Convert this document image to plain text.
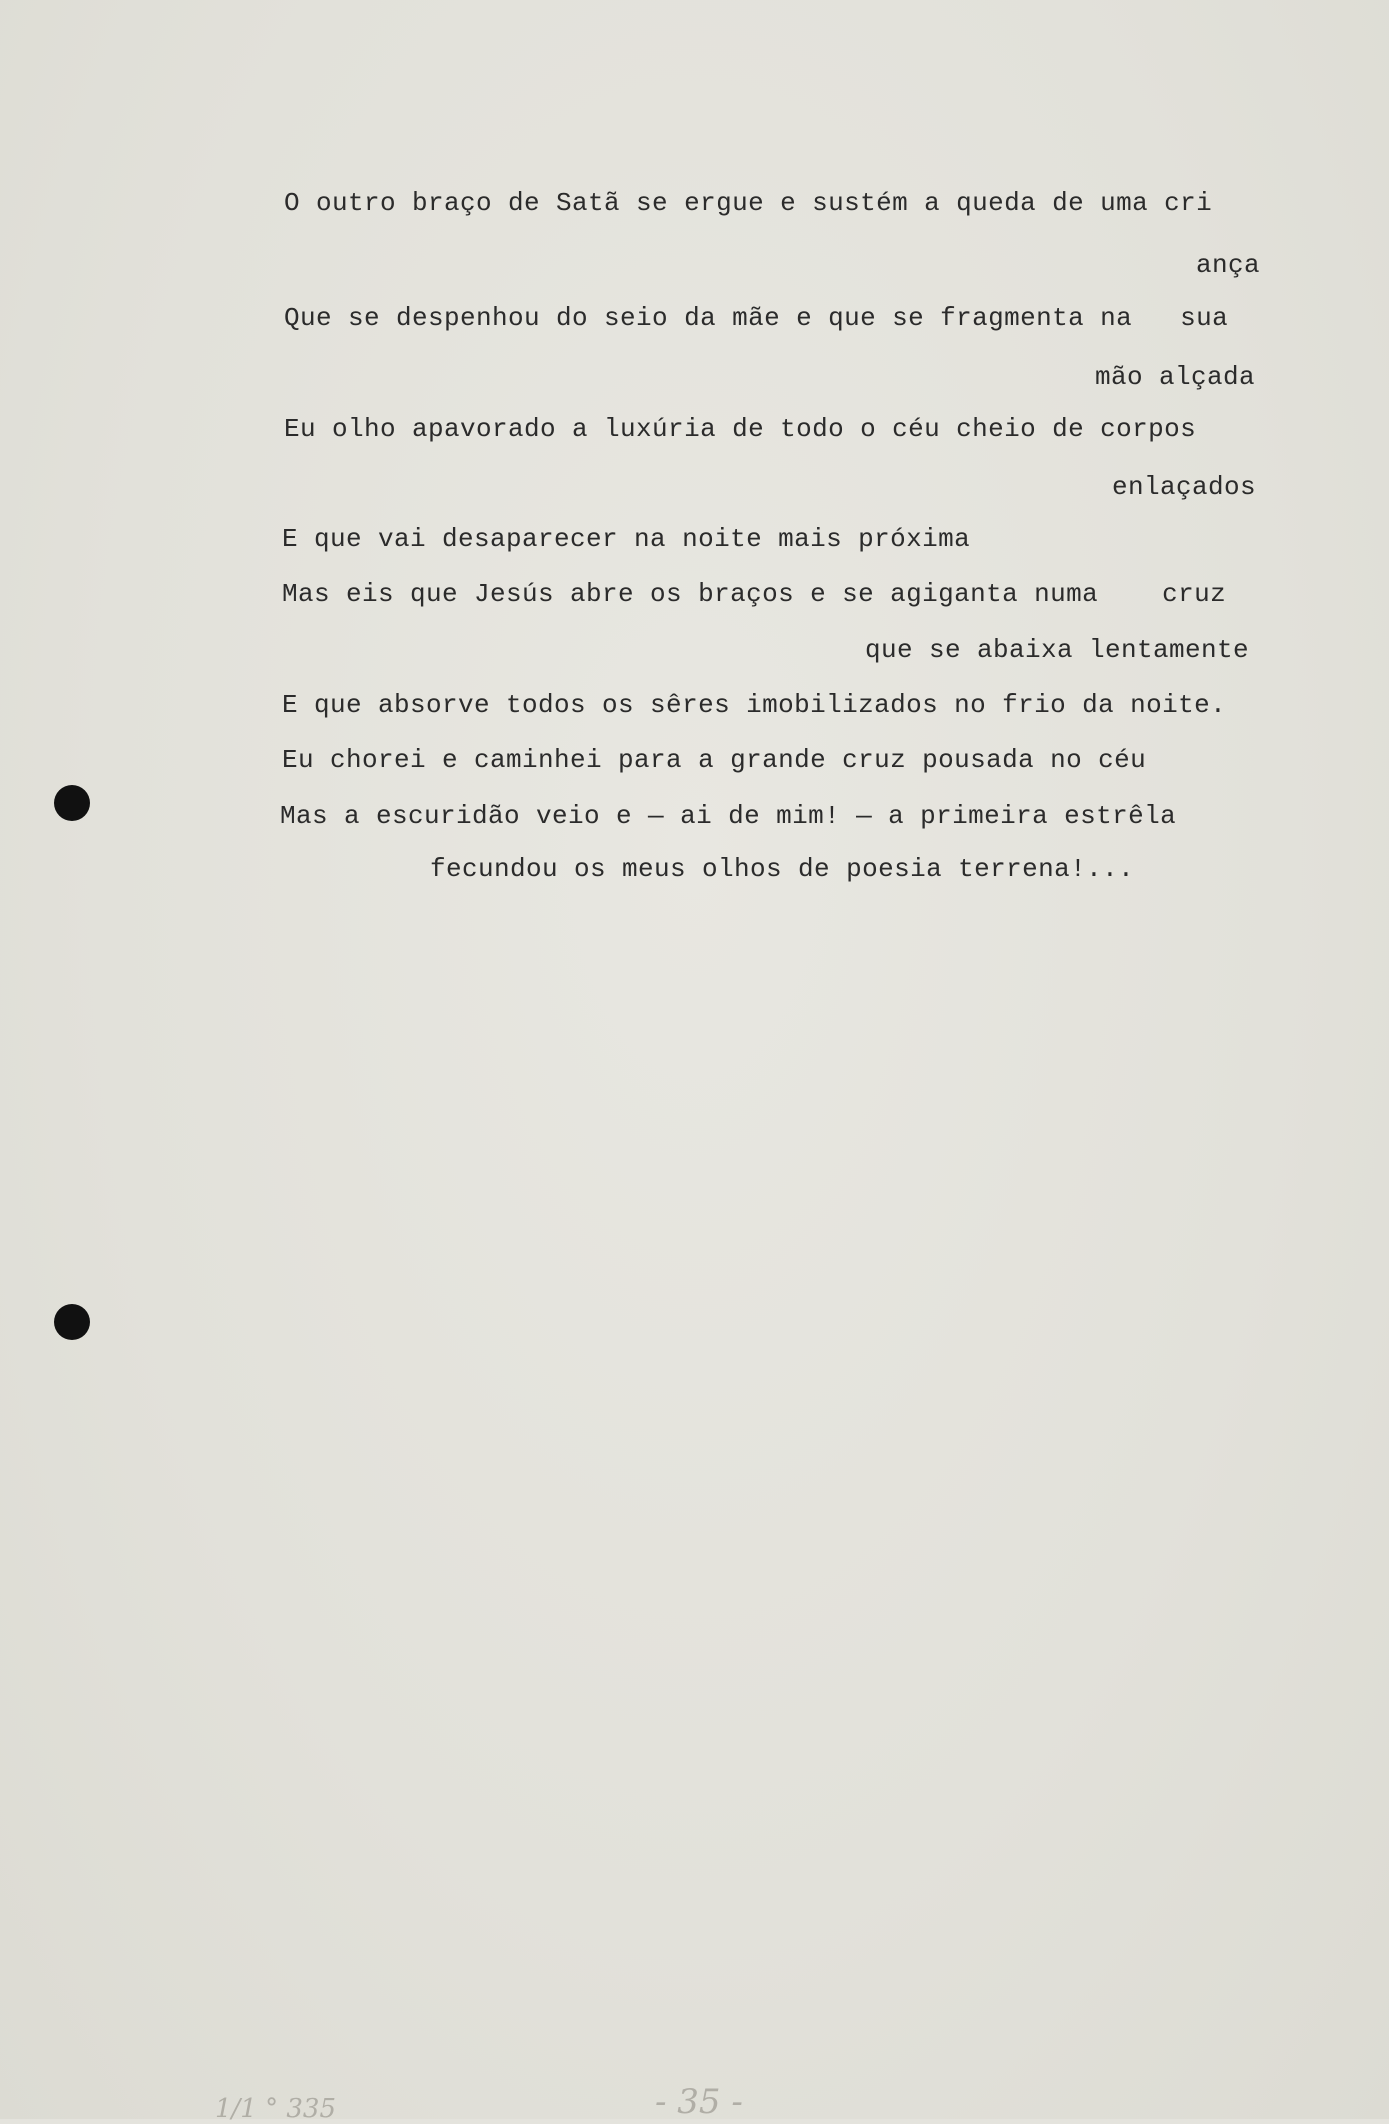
O outro braço de Satã se ergue e sustém a queda de uma cri
ança
Que se despenhou do seio da mãe e que se fragmenta na   sua
mão alçada
Eu olho apavorado a luxúria de todo o céu cheio de corpos
enlaçados
E que vai desaparecer na noite mais próxima
Mas eis que Jesús abre os braços e se agiganta numa    cruz
que se abaixa lentamente
E que absorve todos os sêres imobilizados no frio da noite.
Eu chorei e caminhei para a grande cruz pousada no céu
Mas a escuridão veio e — ai de mim! — a primeira estrêla
fecundou os meus olhos de poesia terrena!...
- 35 -
1/1 ° 335
